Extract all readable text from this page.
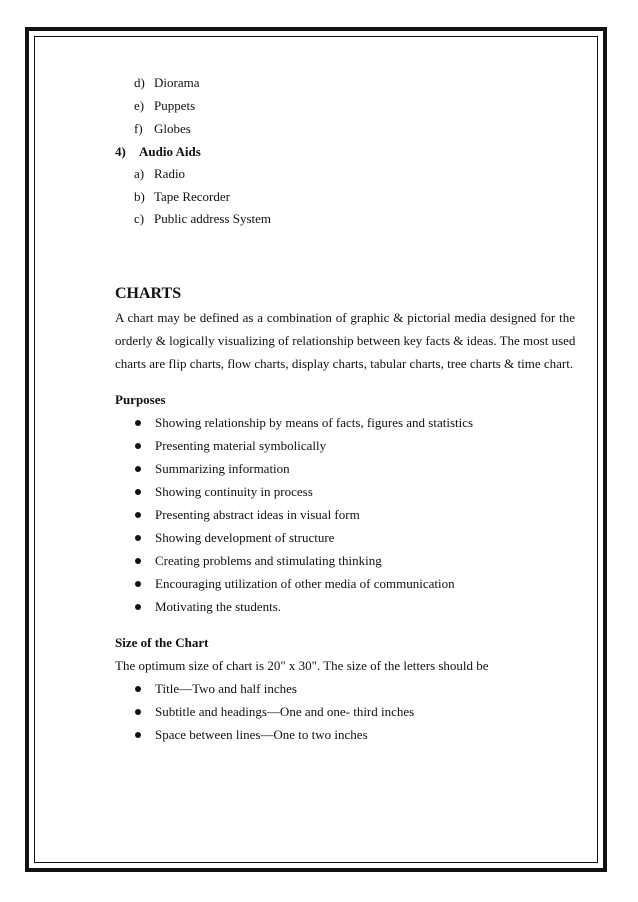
d) Diorama
e) Puppets
f) Globes
4) Audio Aids
a) Radio
b) Tape Recorder
c) Public address System
CHARTS
A chart may be defined as a combination of graphic & pictorial media designed for the
orderly & logically visualizing of relationship between key facts & ideas. The most used
charts are flip charts, flow charts, display charts, tabular charts, tree charts & time chart.
Purposes
Showing relationship by means of facts, figures and statistics
Presenting material symbolically
Summarizing information
Showing continuity in process
Presenting abstract ideas in visual form
Showing development of structure
Creating problems and stimulating thinking
Encouraging utilization of other media of communication
Motivating the students.
Size of the Chart
The optimum size of chart is 20" x 30". The size of the letters should be
Title—Two and half inches
Subtitle and headings—One and one- third inches
Space between lines—One to two inches
